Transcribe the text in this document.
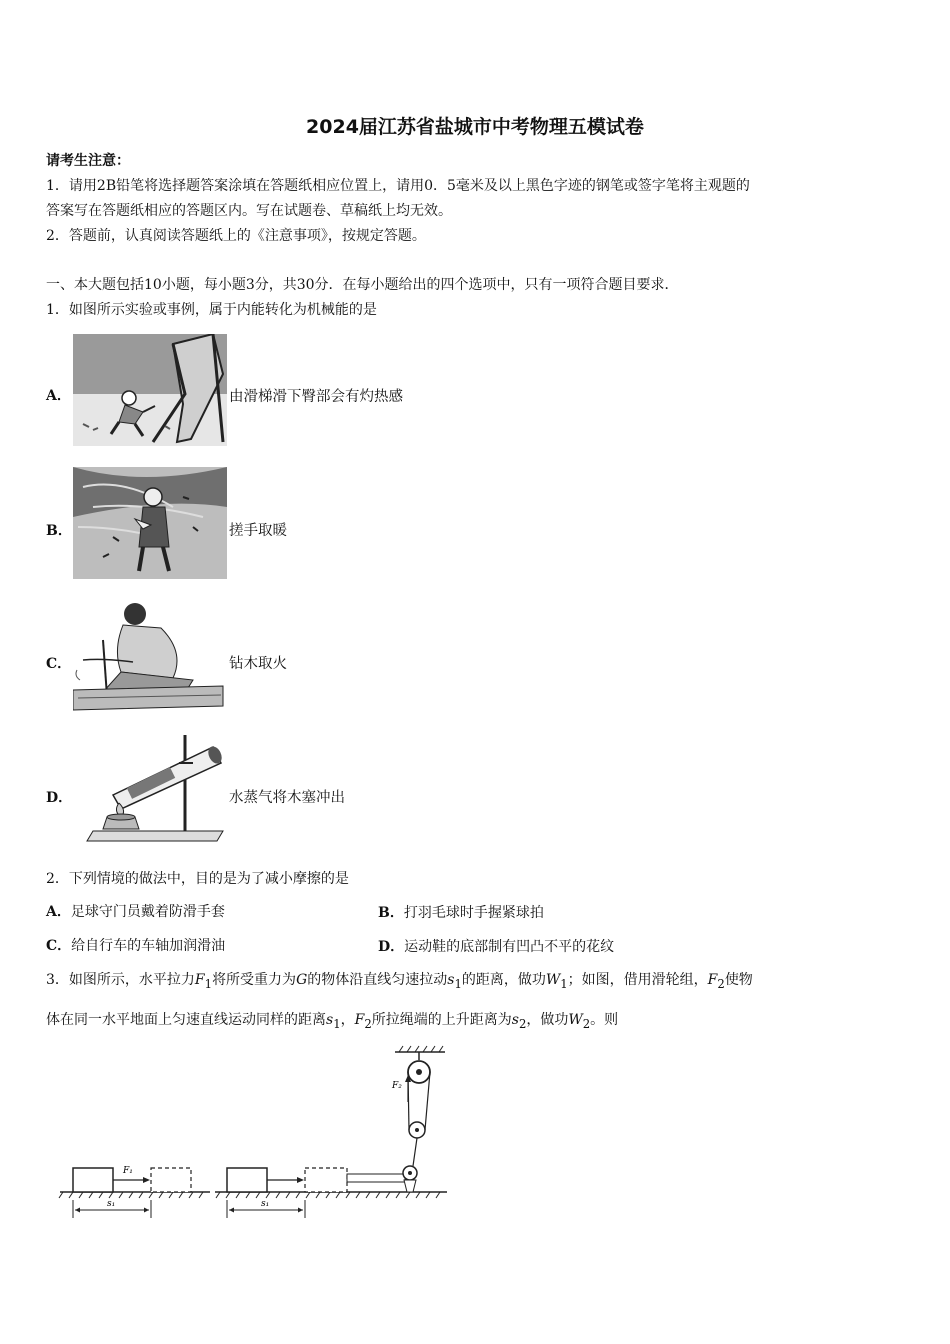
2024届江苏省盐城市中考物理五模试卷
请考生注意：
1．请用2B铅笔将选择题答案涂填在答题纸相应位置上，请用0．5毫米及以上黑色字迹的钢笔或签字笔将主观题的
答案写在答题纸相应的答题区内。写在试题卷、草稿纸上均无效。
2．答题前，认真阅读答题纸上的《注意事项》，按规定答题。
一、本大题包括10小题，每小题3分，共30分．在每小题给出的四个选项中，只有一项符合题目要求．
1．如图所示实验或事例，属于内能转化为机械能的是
A．	由滑梯滑下臀部会有灼热感
B．	搓手取暖
C．	钻木取火
D．	水蒸气将木塞冲出
2．下列情境的做法中，目的是为了减小摩擦的是
A．足球守门员戴着防滑手套	B．打羽毛球时手握紧球拍
C．给自行车的车轴加润滑油	D．运动鞋的底部制有凹凸不平的花纹
3．如图所示，水平拉力$F_1$将所受重力为G的物体沿直线匀速拉动$s_1$的距离，做功$W_1$；如图，借用滑轮组，$F_2$使物
体在同一水平地面上匀速直线运动同样的距离$s_1$，$F_2$所拉绳端的上升距离为$s_2$，做功$W_2$。则
F₁
s₁
F₂
s₁
